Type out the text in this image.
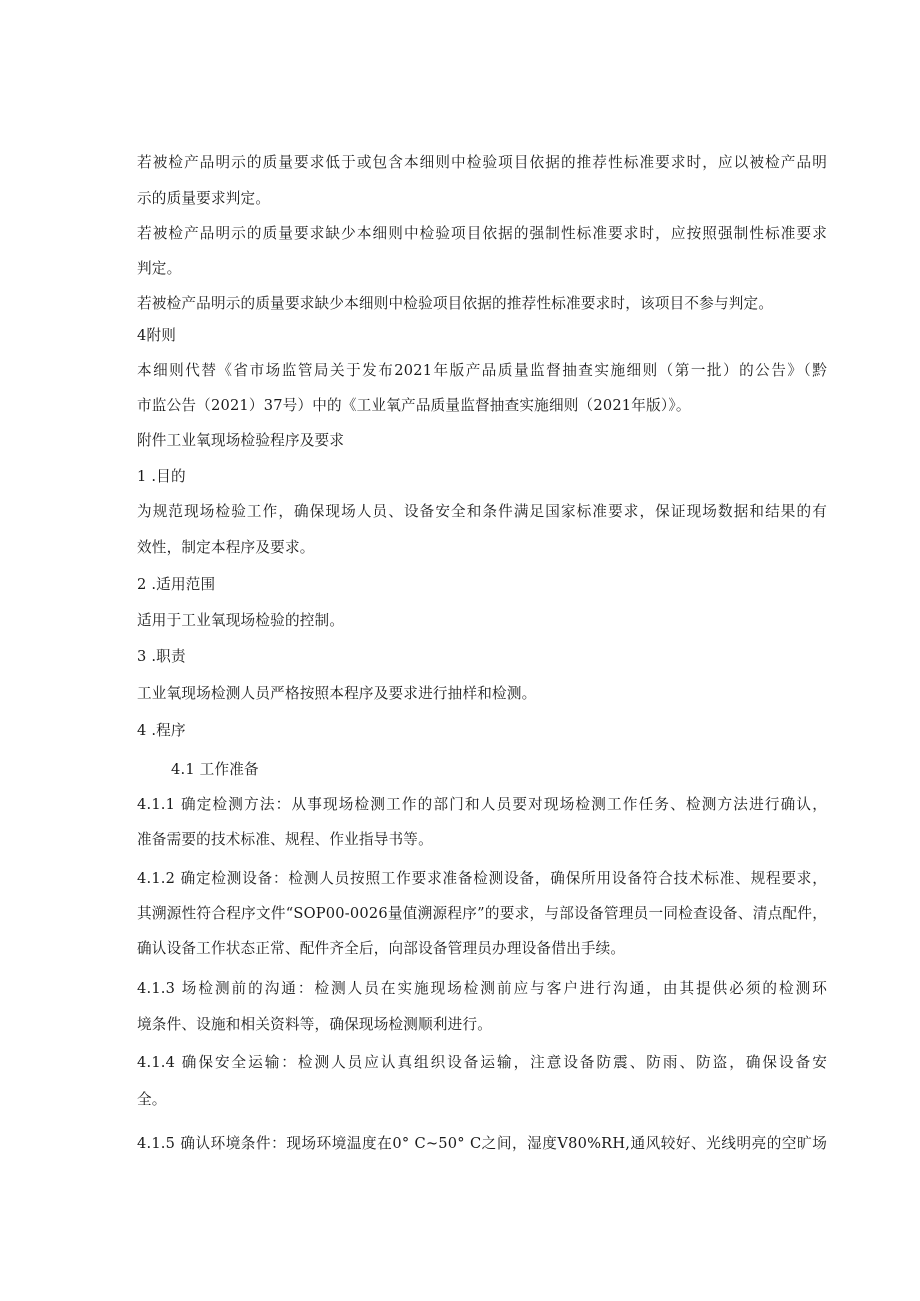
若被检产品明示的质量要求低于或包含本细则中检验项目依据的推荐性标准要求时，应以被检产品明
示的质量要求判定。
若被检产品明示的质量要求缺少本细则中检验项目依据的强制性标准要求时，应按照强制性标准要求
判定。
若被检产品明示的质量要求缺少本细则中检验项目依据的推荐性标准要求时，该项目不参与判定。
4附则
本细则代替《省市场监管局关于发布2021年版产品质量监督抽查实施细则（第一批）的公告》（黔
市监公告（2021）37号）中的《工业氧产品质量监督抽查实施细则（2021年版）》。
附件工业氧现场检验程序及要求
1 .目的
为规范现场检验工作，确保现场人员、设备安全和条件满足国家标准要求，保证现场数据和结果的有
效性，制定本程序及要求。
2 .适用范围
适用于工业氧现场检验的控制。
3 .职责
工业氧现场检测人员严格按照本程序及要求进行抽样和检测。
4 .程序
4.1 工作准备
4.1.1 确定检测方法：从事现场检测工作的部门和人员要对现场检测工作任务、检测方法进行确认，
准备需要的技术标准、规程、作业指导书等。
4.1.2 确定检测设备：检测人员按照工作要求准备检测设备，确保所用设备符合技术标准、规程要求，
其溯源性符合程序文件“SOP00-0026量值溯源程序”的要求，与部设备管理员一同检查设备、清点配件，
确认设备工作状态正常、配件齐全后，向部设备管理员办理设备借出手续。
4.1.3 场检测前的沟通：检测人员在实施现场检测前应与客户进行沟通，由其提供必须的检测环
境条件、设施和相关资料等，确保现场检测顺利进行。
4.1.4 确保安全运输：检测人员应认真组织设备运输，注意设备防震、防雨、防盗，确保设备安
全。
4.1.5 确认环境条件：现场环境温度在0° C~50° C之间，湿度V80%RH,通风较好、光线明亮的空旷场
